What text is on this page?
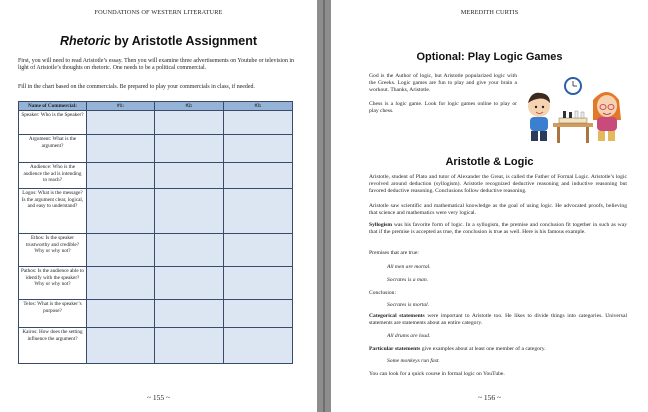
FOUNDATIONS OF WESTERN LITERATURE
Rhetoric by Aristotle Assignment

First, you will need to read Aristotle’s essay. Then you will examine three advertisements on Youtube or television in light of Aristotle’s thoughts on rhetoric. One needs to be a political commercial.

Fill in the chart based on the commercials. Be prepared to play your commercials in class, if needed.

Name of Commercial:	#1:	#2:	#3:
Speaker: Who is the Speaker?			
Argument: What is the argument?			
Audience: Who is the audience the ad is intending to reach?			
Logos: What is the message? Is the argument clear, logical, and easy to understand?			
Ethos: Is the speaker trustworthy and credible? Why or why not?			
Pathos: Is the audience able to identify with the speaker? Why or why not?			
Telos: What is the speaker’s purpose?			
Kairos: How does the setting influence the argument?			
~ 155 ~
MEREDITH CURTIS
Optional: Play Logic Games

God is the Author of logic, but Aristotle popularized logic with the Greeks. Logic games are fun to play and give your brain a workout. Thanks, Aristotle.

Chess is a logic game. Look for logic games online to play or play chess.

Aristotle & Logic

Aristotle, student of Plato and tutor of Alexander the Great, is called the Father of Formal Logic. Aristotle’s logic revolved around deduction (syllogism). Aristotle recognized deductive reasoning and inductive reasoning but favored deductive reasoning. Conclusions follow deductive reasoning.

Aristotle saw scientific and mathematical knowledge as the goal of using logic. He advocated proofs, believing that science and mathematics were very logical.

Syllogism was his favorite form of logic. In a syllogism, the premise and conclusion fit together in such as way that if the premise is accepted as true, the conclusion is true as well. Here is his famous example.

Premises that are true:

All men are mortal.

Socrates is a man.

Conclusion:

Socrates is mortal.

Categorical statements were important to Aristotle too. He likes to divide things into categories. Universal statements are statements about an entire category.

All drums are loud.

Particular statements give examples about at least one member of a category.

Some monkeys run fast.

You can look for a quick course in formal logic on YouTube.

~ 156 ~
